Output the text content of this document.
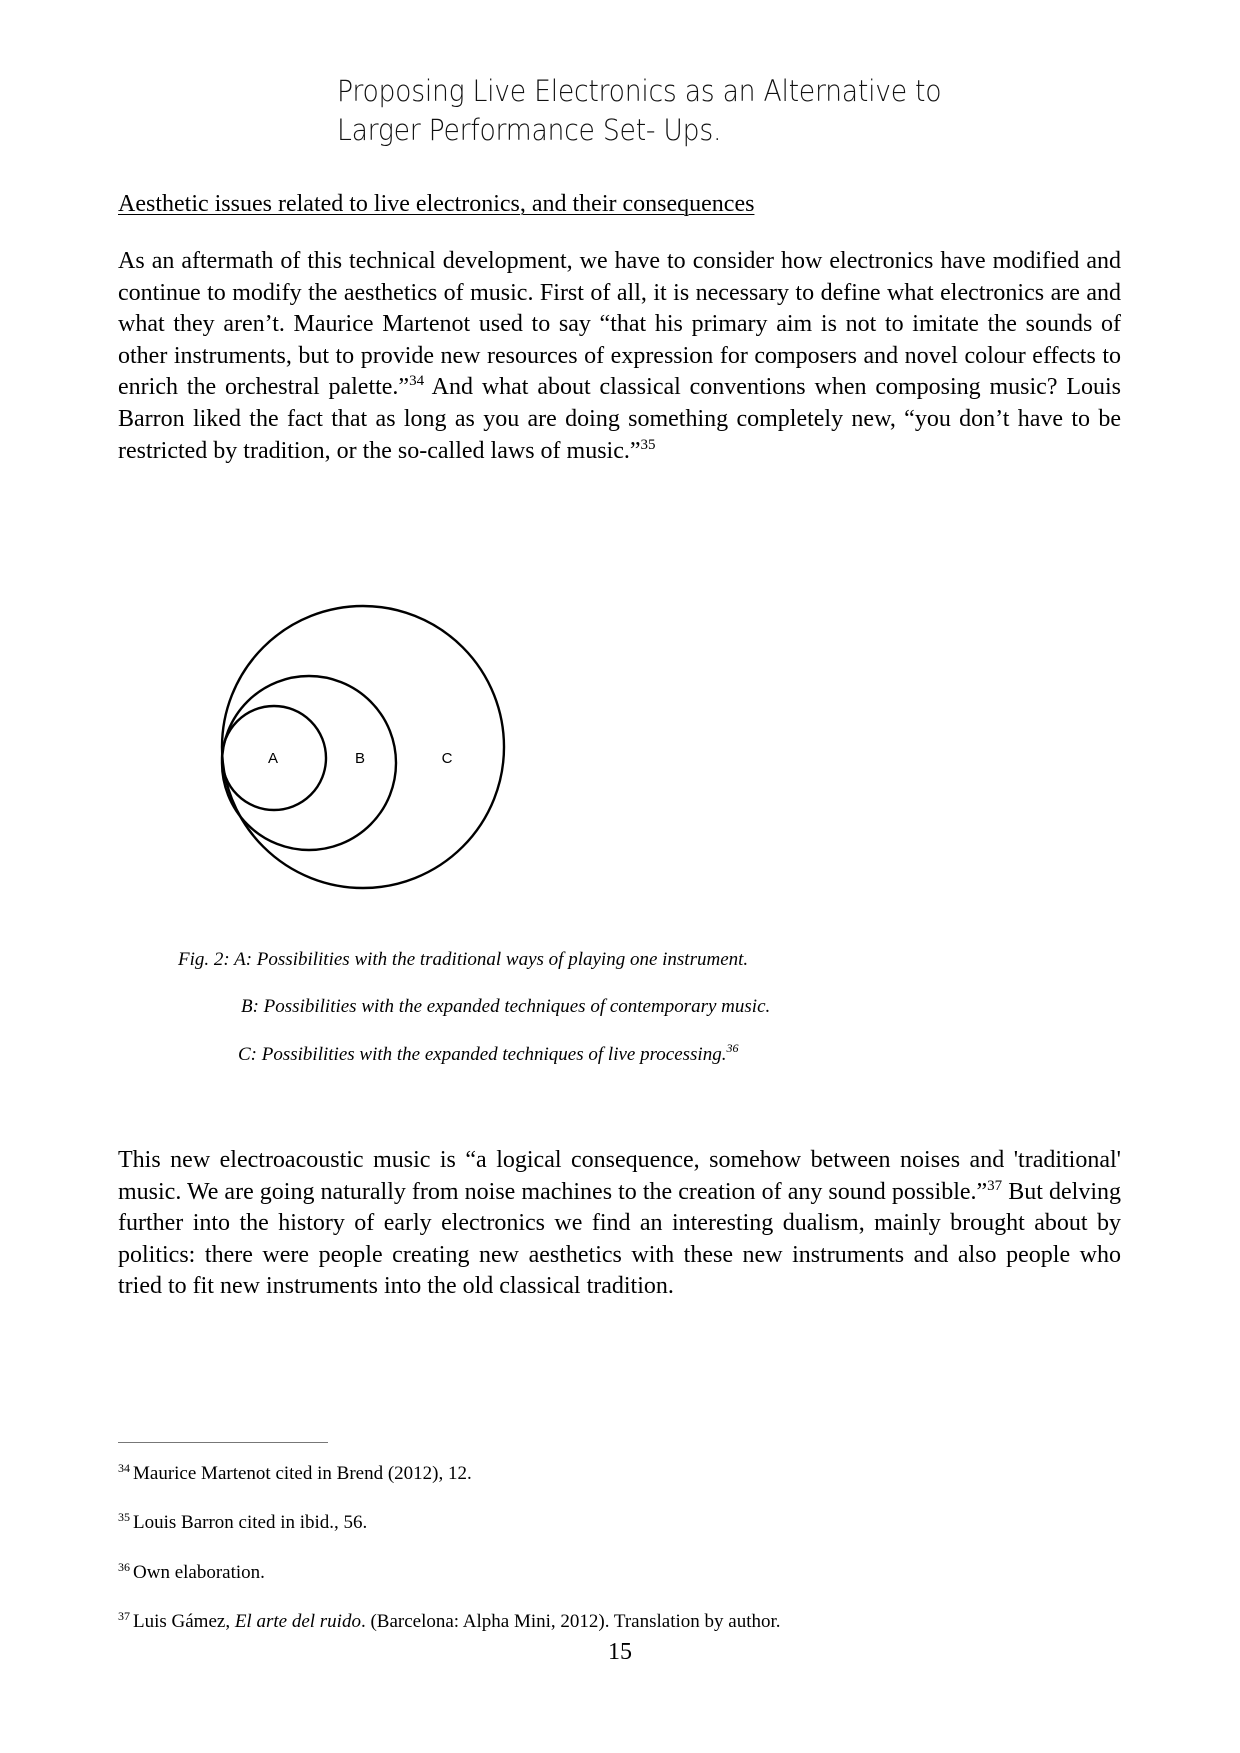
Proposing Live Electronics as an Alternative to
Larger Performance Set- Ups.
Aesthetic issues related to live electronics, and their consequences
As an aftermath of this technical development, we have to consider how electronics have modified and continue to modify the aesthetics of music. First of all, it is necessary to define what electronics are and what they aren’t. Maurice Martenot used to say “that his primary aim is not to imitate the sounds of other instruments, but to provide new resources of expression for composers and novel colour effects to enrich the orchestral palette.”$^{34}$ And what about classical conventions when composing music? Louis Barron liked the fact that as long as you are doing something completely new, “you don’t have to be restricted by tradition, or the so-called laws of music.”$^{35}$
A	B	C
Fig. 2: A: Possibilities with the traditional ways of playing one instrument.
B: Possibilities with the expanded techniques of contemporary music.
C: Possibilities with the expanded techniques of live processing.$^{36}$
This new electroacoustic music is “a logical consequence, somehow between noises and 'traditional' music. We are going naturally from noise machines to the creation of any sound possible.”$^{37}$ But delving further into the history of early electronics we find an interesting dualism, mainly brought about by politics: there were people creating new aesthetics with these new instruments and also people who tried to fit new instruments into the old classical tradition.
$^{34}$ Maurice Martenot cited in Brend (2012), 12.
$^{35}$ Louis Barron cited in ibid., 56.
$^{36}$ Own elaboration.
$^{37}$ Luis Gámez, El arte del ruido. (Barcelona: Alpha Mini, 2012). Translation by author.
15
